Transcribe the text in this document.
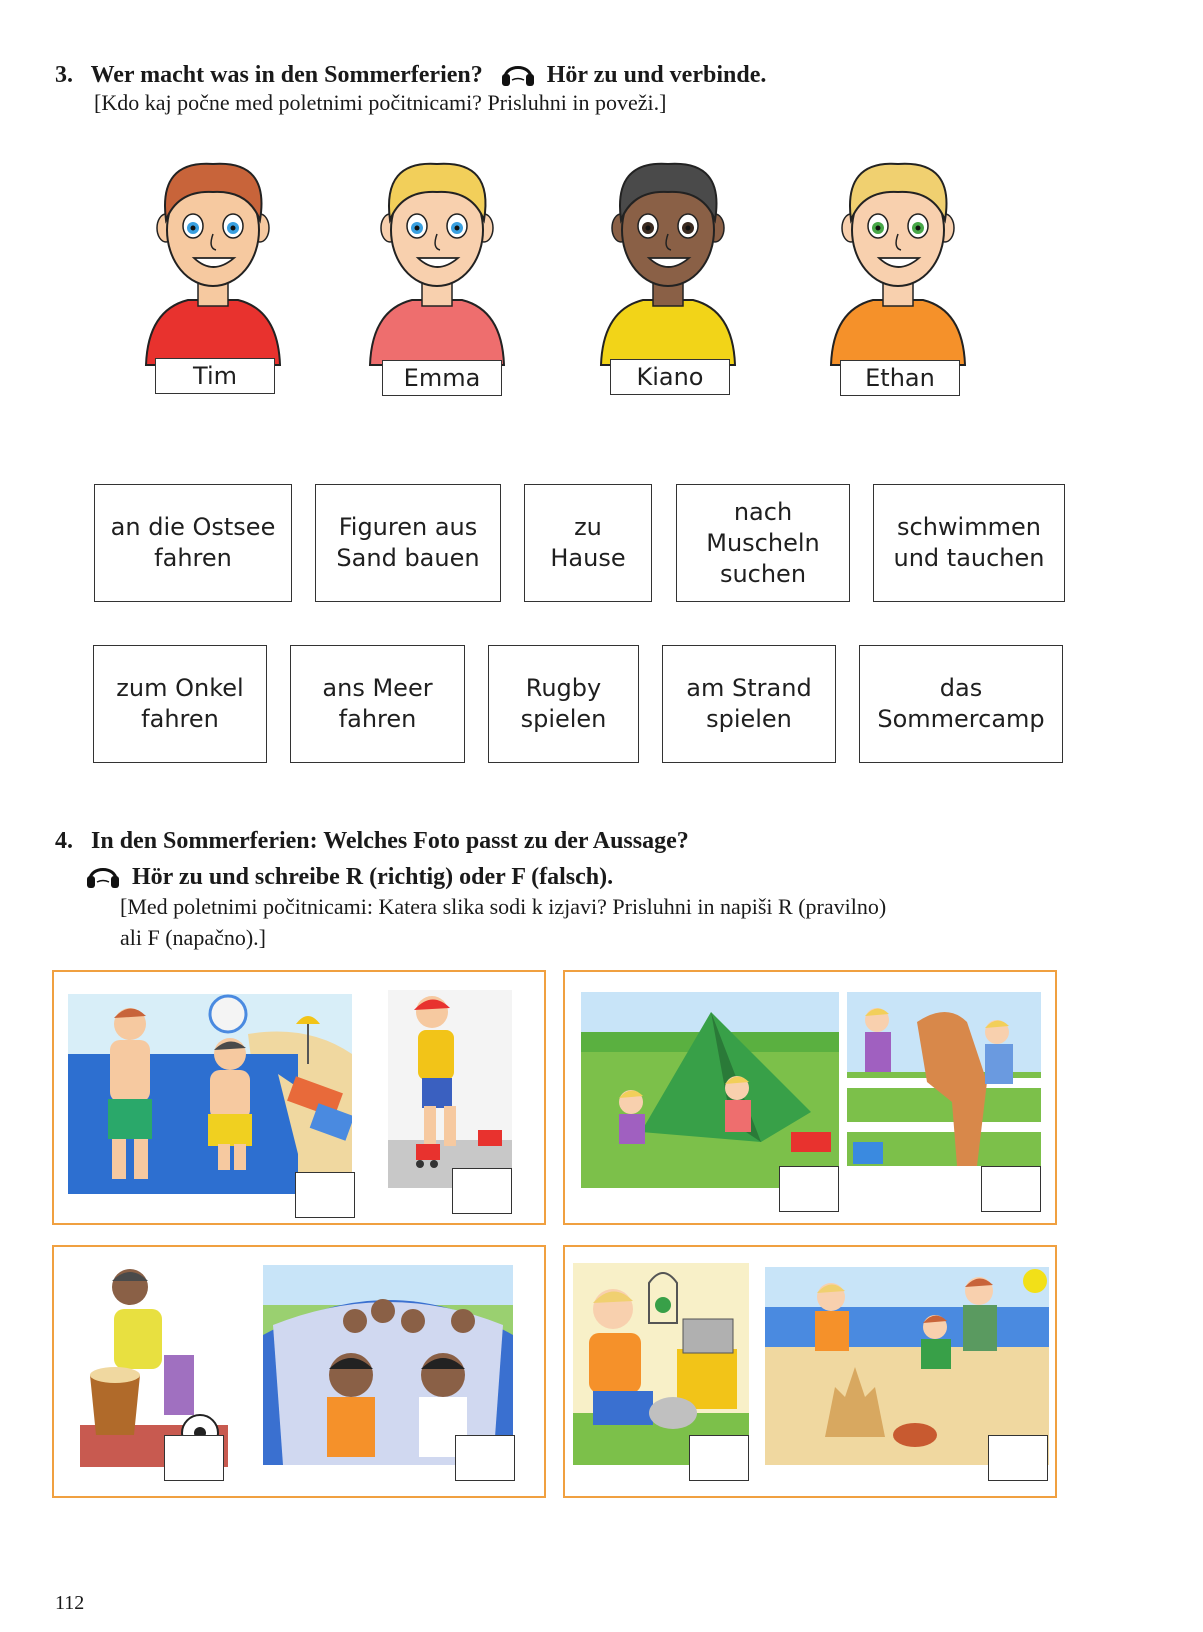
3. Wer macht was in den Sommerferien?	Hör zu und verbinde.
[Kdo kaj počne med poletnimi počitnicami? Prisluhni in poveži.]
Tim	Emma	Kiano	Ethan
an die Ostsee
fahren
Figuren aus
Sand bauen
zu
Hause
nach
Muscheln
suchen
schwimmen
und tauchen
zum Onkel
fahren
ans Meer
fahren
Rugby
spielen
am Strand
spielen
das
Sommercamp
4. In den Sommerferien: Welches Foto passt zu der Aussage?
Hör zu und schreibe R (richtig) oder F (falsch).
[Med poletnimi počitnicami: Katera slika sodi k izjavi? Prisluhni in napiši R (pravilno)
ali F (napačno).]
112
